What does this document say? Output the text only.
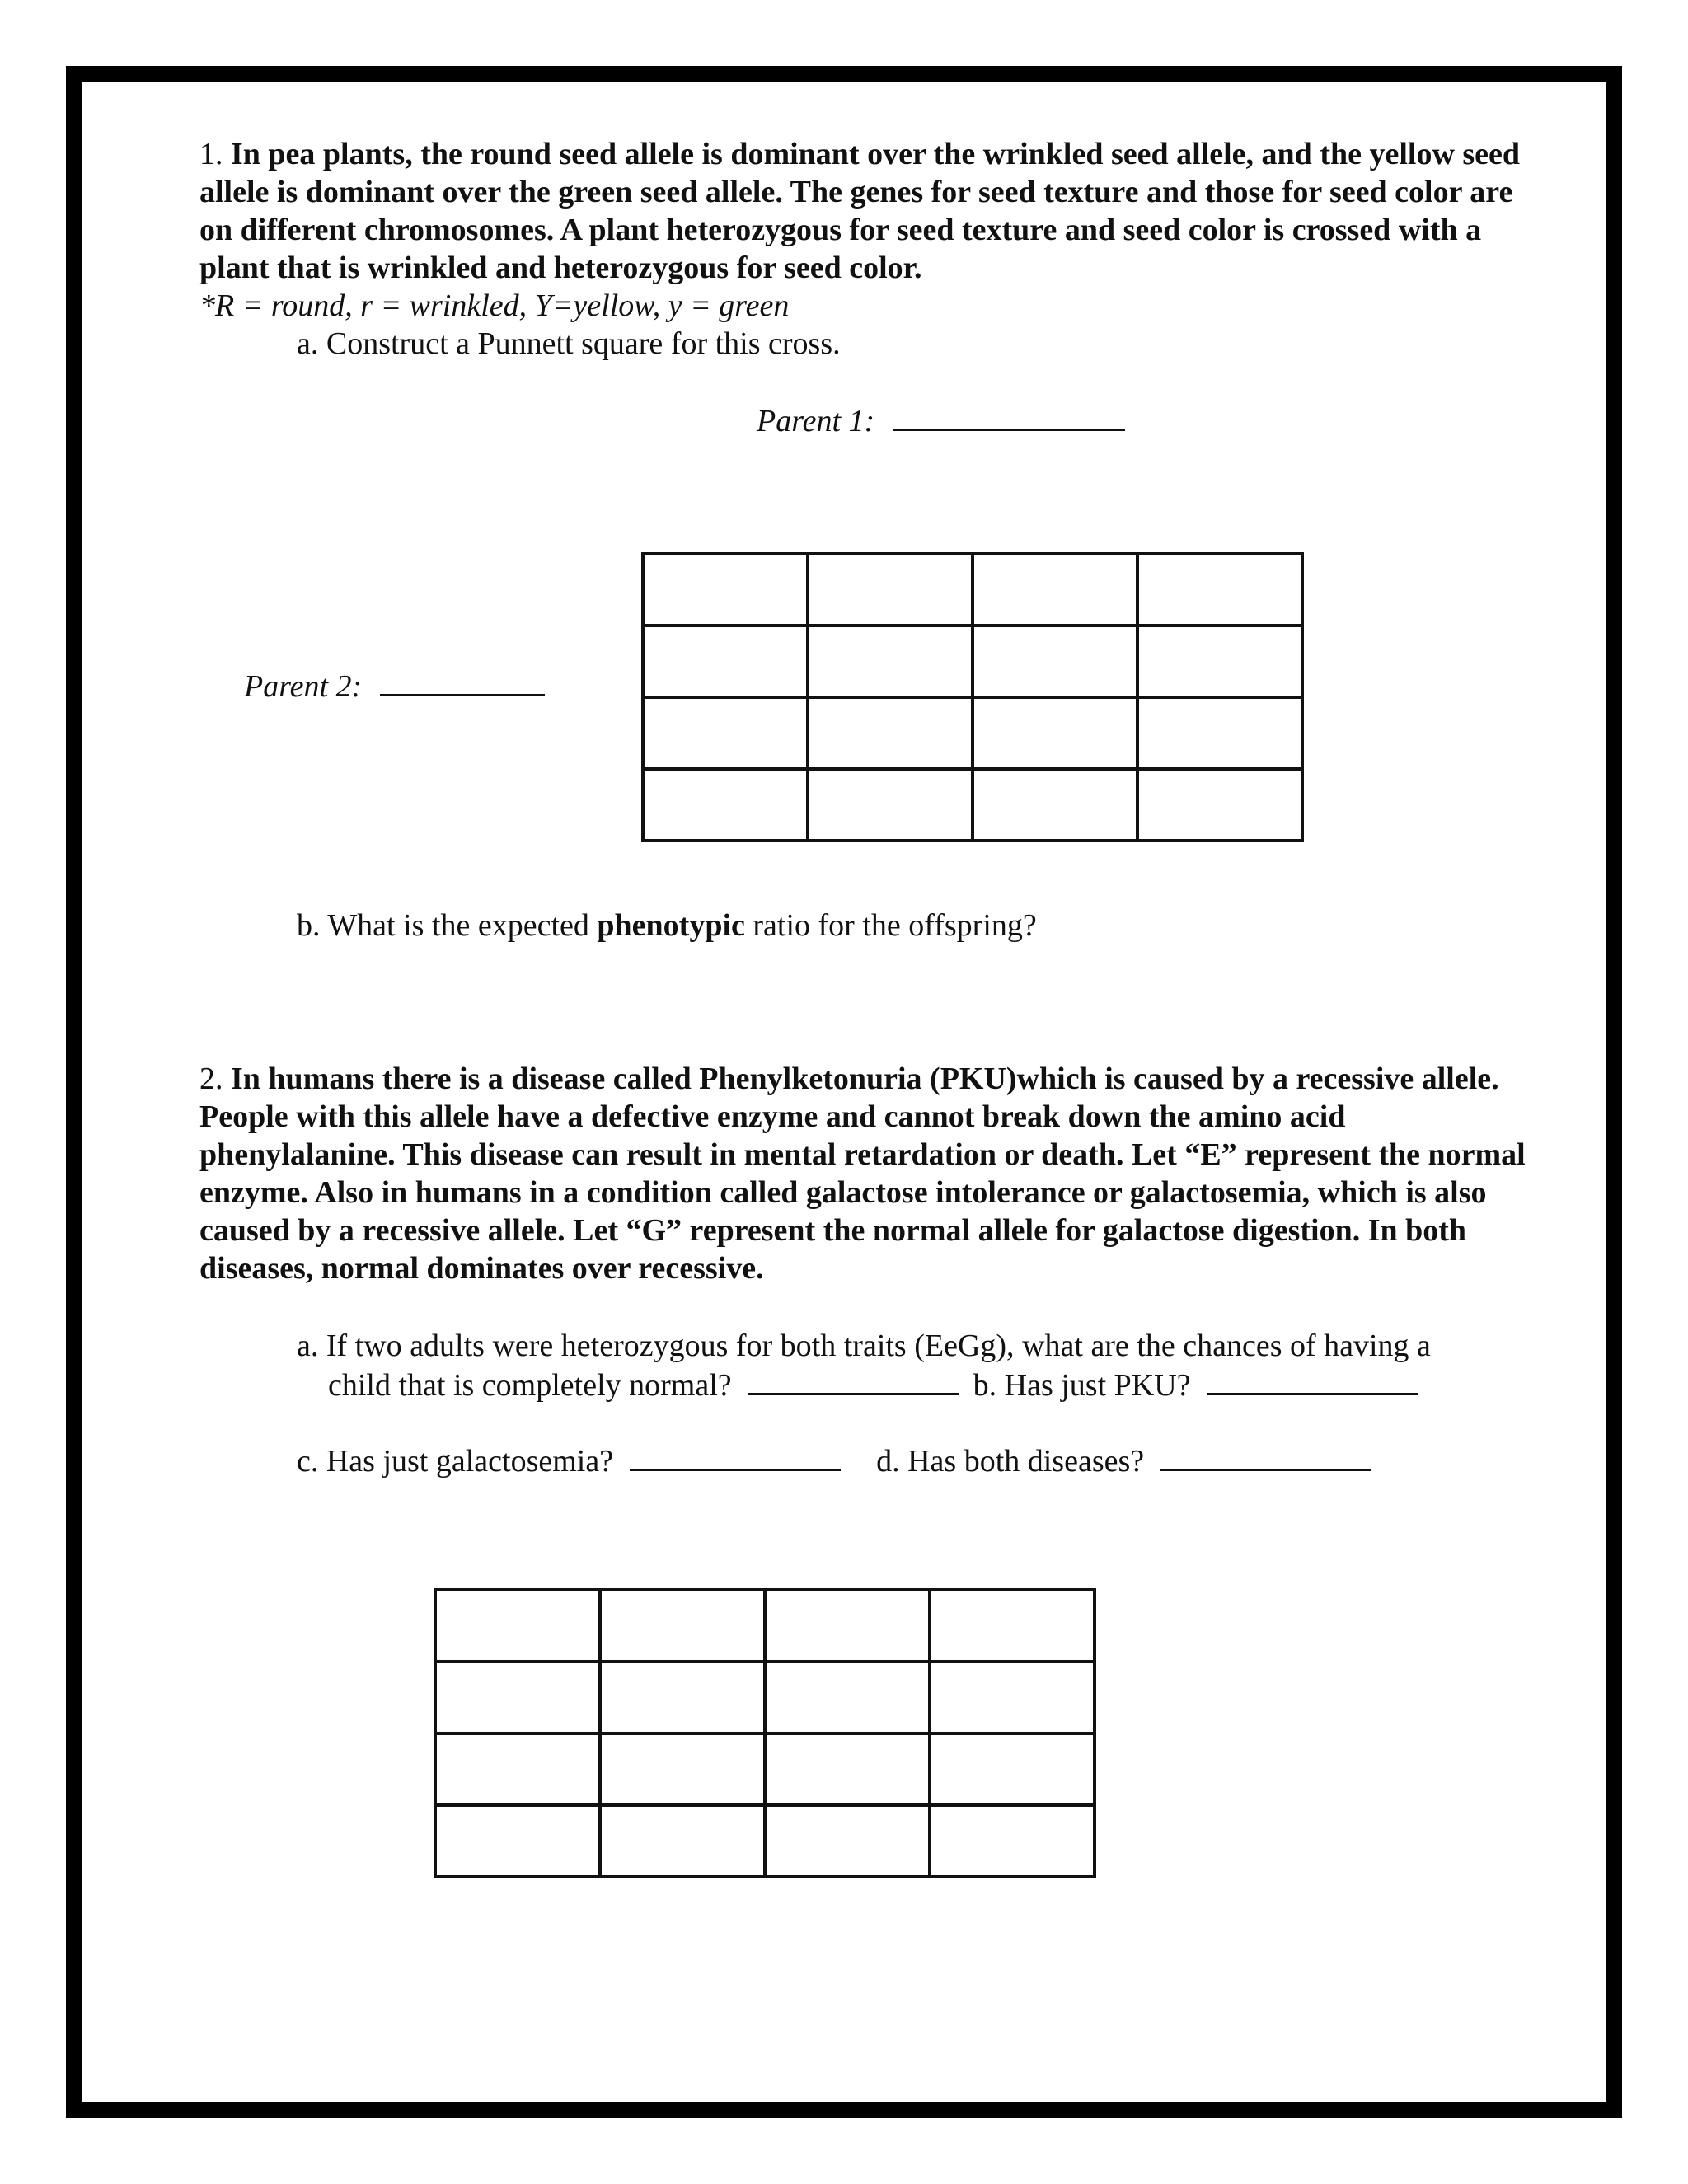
1. In pea plants, the round seed allele is dominant over the wrinkled seed allele, and the yellow seed allele is dominant over the green seed allele. The genes for seed texture and those for seed color are on different chromosomes. A plant heterozygous for seed texture and seed color is crossed with a plant that is wrinkled and heterozygous for seed color.

*R = round, r = wrinkled, Y=yellow, y = green

a. Construct a Punnett square for this cross.

Parent 1:

Parent 2:

b. What is the expected phenotypic ratio for the offspring?

2. In humans there is a disease called Phenylketonuria (PKU)which is caused by a recessive allele. People with this allele have a defective enzyme and cannot break down the amino acid phenylalanine. This disease can result in mental retardation or death. Let “E” represent the normal enzyme. Also in humans in a condition called galactose intolerance or galactosemia, which is also caused by a recessive allele. Let “G” represent the normal allele for galactose digestion. In both diseases, normal dominates over recessive.

a. If two adults were heterozygous for both traits (EeGg), what are the chances of having a

child that is completely normal?	b. Has just PKU?

c. Has just galactosemia?	d. Has both diseases?
